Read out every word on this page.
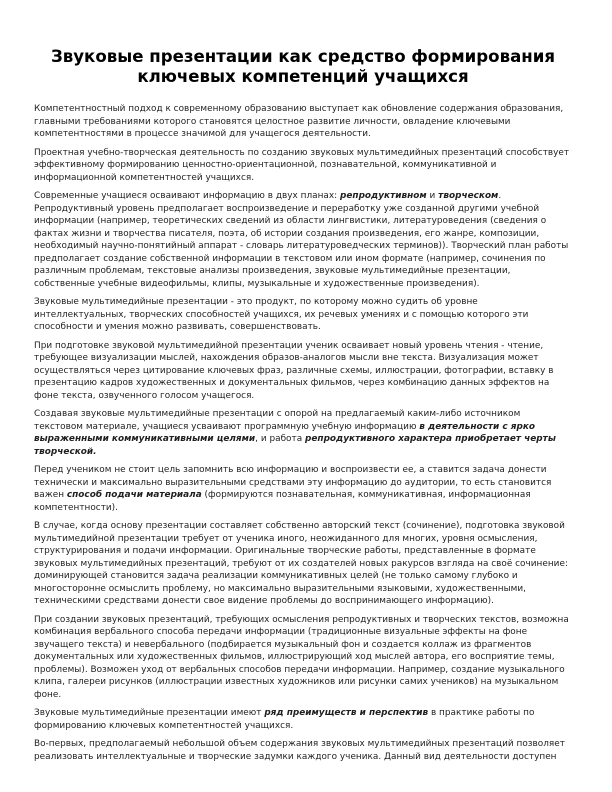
Звуковые презентации как средство формирования
ключевых компетенций учащихся

Компетентностный подход к современному образованию выступает как обновление содержания образования, главными требованиями которого становятся целостное развитие личности, овладение ключевыми компетентностями в процессе значимой для учащегося деятельности.

Проектная учебно-творческая деятельность по созданию звуковых мультимедийных презентаций способствует эффективному формированию ценностно-ориентационной, познавательной, коммуникативной и информационной компетентностей учащихся.

Современные учащиеся осваивают информацию в двух планах: репродуктивном и творческом. Репродуктивный уровень предполагает воспроизведение и переработку уже созданной другими учебной информации (например, теоретических сведений из области лингвистики, литературоведения (сведения о фактах жизни и творчества писателя, поэта, об истории создания произведения, его жанре, композиции, необходимый научно-понятийный аппарат - словарь литературоведческих терминов)). Творческий план работы предполагает создание собственной информации в текстовом или ином формате (например, сочинения по различным проблемам, текстовые анализы произведения, звуковые мультимедийные презентации, собственные учебные видеофильмы, клипы, музыкальные и художественные произведения).

Звуковые мультимедийные презентации - это продукт, по которому можно судить об уровне интеллектуальных, творческих способностей учащихся, их речевых умениях и с помощью которого эти способности и умения можно развивать, совершенствовать.

При подготовке звуковой мультимедийной презентации ученик осваивает новый уровень чтения - чтение, требующее визуализации мыслей, нахождения образов-аналогов мысли вне текста. Визуализация может осуществляться через цитирование ключевых фраз, различные схемы, иллюстрации, фотографии, вставку в презентацию кадров художественных и документальных фильмов, через комбинацию данных эффектов на фоне текста, озвученного голосом учащегося.

Создавая звуковые мультимедийные презентации с опорой на предлагаемый каким-либо источником текстовом материале, учащиеся усваивают программную учебную информацию в деятельности с ярко выраженными коммуникативными целями, и работа репродуктивного характера приобретает черты творческой.

Перед учеником не стоит цель запомнить всю информацию и воспроизвести ее, а ставится задача донести технически и максимально выразительными средствами эту информацию до аудитории, то есть становится важен способ подачи материала (формируются познавательная, коммуникативная, информационная компетентности).

В случае, когда основу презентации составляет собственно авторский текст (сочинение), подготовка звуковой мультимедийной презентации требует от ученика иного, неожиданного для многих, уровня осмысления, структурирования и подачи информации. Оригинальные творческие работы, представленные в формате звуковых мультимедийных презентаций, требуют от их создателей новых ракурсов взгляда на своё сочинение: доминирующей становится задача реализации коммуникативных целей (не только самому глубоко и многосторонне осмыслить проблему, но максимально выразительными языковыми, художественными, техническими средствами донести свое видение проблемы до воспринимающего информацию).

При создании звуковых презентаций, требующих осмысления репродуктивных и творческих текстов, возможна комбинация вербального способа передачи информации (традиционные визуальные эффекты на фоне звучащего текста) и невербального (подбирается музыкальный фон и создается коллаж из фрагментов документальных или художественных фильмов, иллюстрирующий ход мыслей автора, его восприятие темы, проблемы). Возможен уход от вербальных способов передачи информации. Например, создание музыкального клипа, галереи рисунков (иллюстрации известных художников или рисунки самих учеников) на музыкальном фоне.

Звуковые мультимедийные презентации имеют ряд преимуществ и перспектив в практике работы по формированию ключевых компетентностей учащихся.

Во-первых, предполагаемый небольшой объем содержания звуковых мультимедийных презентаций позволяет реализовать интеллектуальные и творческие задумки каждого ученика. Данный вид деятельности доступен
